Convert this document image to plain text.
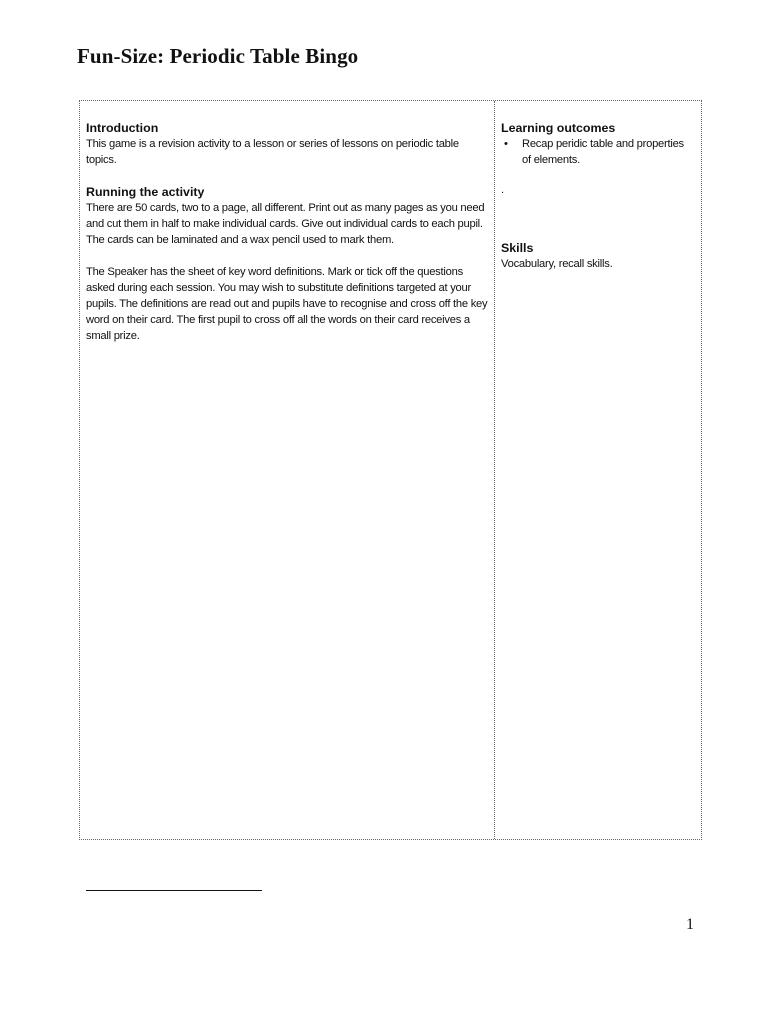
Fun-Size: Periodic Table Bingo

Introduction

This game is a revision activity to a lesson or series of lessons on periodic table topics.

Running the activity

There are 50 cards, two to a page, all different. Print out as many pages as you need and cut them in half to make individual cards. Give out individual cards to each pupil. The cards can be laminated and a wax pencil used to mark them.

The Speaker has the sheet of key word definitions. Mark or tick off the questions asked during each session. You may wish to substitute definitions targeted at your pupils. The definitions are read out and pupils have to recognise and cross off the key word on their card. The first pupil to cross off all the words on their card receives a small prize.

Learning outcomes

•	Recap peridic table and properties of elements.

.

Skills

Vocabulary, recall skills.

1
